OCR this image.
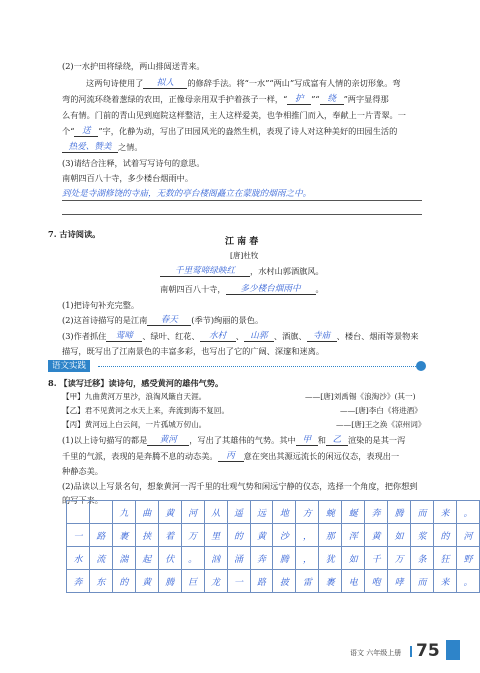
(2)一水护田将绿绕，两山排闼送青来。
这两句诗使用了 拟人 的修辞手法。将“一水”“两山”写成富有人情的亲切形象。弯
弯的河流环绕着葱绿的农田，正像母亲用双手护着孩子一样，“ 护 ”“ 绕 ”两字显得那
么有情。门前的青山见到庭院这样整洁，主人这样爱美，也争相推门而入，奉献上一片青翠。一
个“ 送 ”字，化静为动，写出了田园风光的盎然生机，表现了诗人对这种美好的田园生活的
热爱、赞美 之情。
(3)请结合注释，试着写写诗句的意思。
南朝四百八十寺，多少楼台烟雨中。
到处是寺湖修饶的寺庙，无数的亭台楼阁矗立在蒙胧的烟雨之中。
7. 古诗阅读。
江 南 春
[唐]杜牧
千里莺啼绿映红 ，水村山郭酒旗风。
南朝四百八十寺， 多少楼台烟雨中 。
(1)把诗句补充完整。
(2)这首诗描写的是江南 春天 (季节)绚丽的景色。
(3)作者抓住 莺啼 、绿叶、红花、 水村 、 山郭 、酒旗、 寺庙 、楼台、烟雨等景物来
描写，既写出了江南景色的丰富多彩，也写出了它的广阔、深邃和迷离。
语文实践
8. 【读写迁移】读诗句，感受黄河的雄伟气势。
【甲】九曲黄河万里沙，浪淘风簸自天涯。	——[唐]刘禹锡《浪淘沙》(其一)
【乙】君不见黄河之水天上来，奔流到海不复回。	——[唐]李白《将进酒》
【丙】黄河远上白云间，一片孤城万仞山。	——[唐]王之涣《凉州词》
(1)以上诗句描写的都是 黄河 ，写出了其雄伟的气势。其中 甲 和 乙 渲染的是其一泻
千里的气派，表现的是奔腾不息的动态美。 丙 意在突出其源远流长的闲远仪态，表现出一
种静态美。
(2)品读以上写景名句，想象黄河一泻千里的壮观气势和闲远宁静的仪态，选择一个角度，把你想到
的写下来。
		九	曲	黄	河	从	遥	远	地	方	蜿	蜒	奔	腾	而	来	。
一	路	裹	挟	着	万	里	的	黄	沙	，	那	浑	黄	如	浆	的	河
水	流	湍	起	伏	。	汹	涌	奔	腾	，	犹	如	千	万	条	狂	野
奔	东	的	黄	腾	巨	龙	一	路	披	雷	裹	电	咆	哮	而	来	。
语文 六年级上册 75
